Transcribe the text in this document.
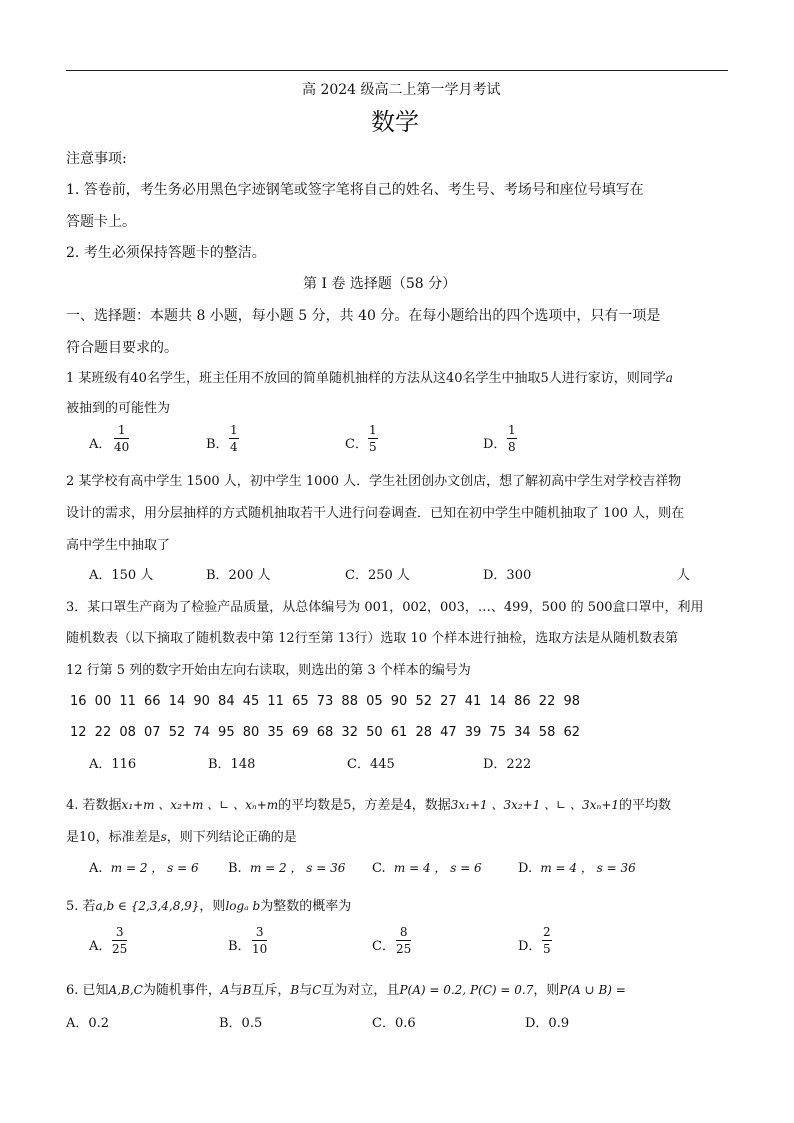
高 2024 级高二上第一学月考试
数学
注意事项:
1. 答卷前，考生务必用黑色字迹钢笔或签字笔将自己的姓名、考生号、考场号和座位号填写在
答题卡上。
2. 考生必须保持答题卡的整洁。
第 I 卷 选择题（58 分）
一、选择题：本题共 8 小题，每小题 5 分，共 40 分。在每小题给出的四个选项中，只有一项是
符合题目要求的。
1 某班级有40名学生，班主任用不放回的简单随机抽样的方法从这40名学生中抽取5人进行家访，则同学a
被抽到的可能性为
A． $\frac{1}{40}$	B． $\frac{1}{4}$	C． $\frac{1}{5}$	D． $\frac{1}{8}$
2 某学校有高中学生 1500 人，初中学生 1000 人．学生社团创办文创店，想了解初高中学生对学校吉祥物
设计的需求，用分层抽样的方式随机抽取若干人进行问卷调查．已知在初中学生中随机抽取了 100 人，则在
高中学生中抽取了
A．150 人	B．200 人	C．250 人	D．300	人
3．某口罩生产商为了检验产品质量，从总体编号为 001，002，003，…、499，500 的 500盒口罩中，利用
随机数表（以下摘取了随机数表中第 12行至第 13行）选取 10 个样本进行抽检，选取方法是从随机数表第
12 行第 5 列的数字开始由左向右读取，则选出的第 3 个样本的编号为
16 00 11 66 14 90 84 45 11 65 73 88 05 90 52 27 41 14 86 22 98
12 22 08 07 52 74 95 80 35 69 68 32 50 61 28 47 39 75 34 58 62
A．116	B．148	C．445	D．222
4. 若数据x₁+m 、x₂+m 、∟ 、xₙ+m的平均数是5，方差是4，数据3x₁+1 、3x₂+1 、∟ 、3xₙ+1的平均数
是10，标准差是s，则下列结论正确的是
A. m = 2 ， s = 6 B. m = 2 ， s = 36 C. m = 4 ， s = 6	D. m = 4 ， s = 36
5. 若a,b ∈ {2,3,4,8,9}，则logₐ b为整数的概率为
A． $\frac{3}{25}$	B． $\frac{3}{10}$	C． $\frac{8}{25}$	D． $\frac{2}{5}$
6. 已知A,B,C为随机事件，A与B互斥，B与C互为对立，且P(A) = 0.2, P(C) = 0.7，则P(A ∪ B) =
A．0.2	B．0.5	C．0.6	D．0.9
